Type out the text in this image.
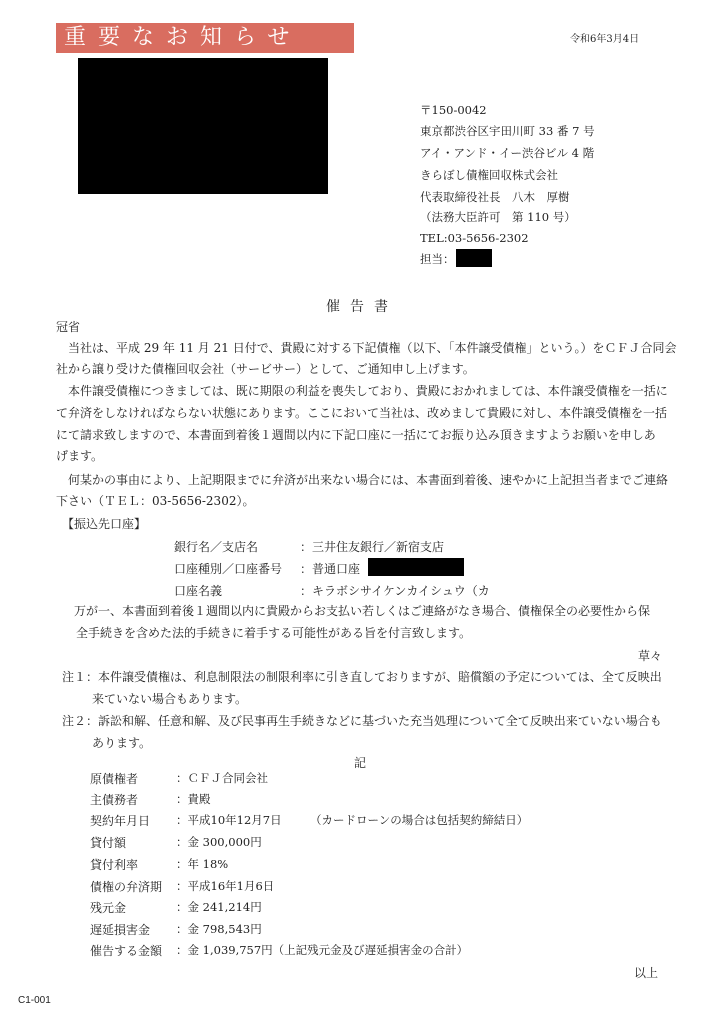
重要なお知らせ	令和6年3月4日
〒150-0042
東京都渋谷区宇田川町 33 番 7 号
アイ・アンド・イー渋谷ビル 4 階
きらぼし債権回収株式会社
代表取締役社長　八木　厚樹
（法務大臣許可　第 110 号）
TEL:03-5656-2302
担当：
催告書
冠省
　当社は、平成 29 年 11 月 21 日付で、貴殿に対する下記債権（以下、「本件譲受債権」という。）をＣＦＪ合同会
社から譲り受けた債権回収会社（サービサー）として、ご通知申し上げます。
　本件譲受債権につきましては、既に期限の利益を喪失しており、貴殿におかれましては、本件譲受債権を一括に
て弁済をしなければならない状態にあります。ここにおいて当社は、改めまして貴殿に対し、本件譲受債権を一括
にて請求致しますので、本書面到着後１週間以内に下記口座に一括にてお振り込み頂きますようお願いを申しあ
げます。
　何某かの事由により、上記期限までに弁済が出来ない場合には、本書面到着後、速やかに上記担当者までご連絡
下さい（ＴＥＬ：03-5656-2302）。
【振込先口座】
銀行名／支店名	：三井住友銀行／新宿支店
口座種別／口座番号 ：普通口座
口座名義	：キラボシサイケンカイシュウ（カ
　万が一、本書面到着後１週間以内に貴殿からお支払い若しくはご連絡がなき場合、債権保全の必要性から保
全手続きを含めた法的手続きに着手する可能性がある旨を付言致します。
草々
注１：本件譲受債権は、利息制限法の制限利率に引き直しておりますが、賠償額の予定については、全て反映出
来ていない場合もあります。
注２：訴訟和解、任意和解、及び民事再生手続きなどに基づいた充当処理について全て反映出来ていない場合も
あります。
記
原債権者	：ＣＦＪ合同会社
主債務者	：貴殿
契約年月日 ：平成10年12月7日 （カードローンの場合は包括契約締結日）
貸付額	：金 300,000円
貸付利率	：年 18%
債権の弁済期 ：平成16年1月6日
残元金	：金 241,214円
遅延損害金 ：金 798,543円
催告する金額 ：金 1,039,757円（上記残元金及び遅延損害金の合計）
以上
C1-001
